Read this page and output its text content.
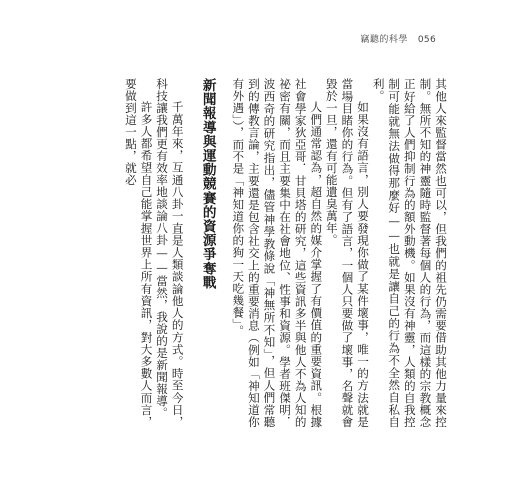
竊聽的科學 056

其他人來監督當然也可以，但我們的祖先仍需要借助其他力量來控制。無所不知的神靈隨時監督著每個人的行為，而這樣的宗教概念正好給了人們抑制行為的額外動機。如果沒有神靈，人類的自我控制可能就無法做得那麼好——也就是讓自己的行為不全然自私自利。

如果沒有語言，別人要發現你做了某件壞事，唯一的方法就是當場目睹你的行為。但有了語言，一個人只要做了壞事，名聲就會毀於一旦，還有可能遺臭萬年。

人們通常認為，超自然的媒介掌握了有價值的重要資訊。根據社會學家狄亞哥．甘貝塔的研究，這些資訊多半與他人不為人知的祕密有關，而且主要集中在社會地位、性事和資源。學者班傑明．波西奇的研究指出，儘管神學教條說「神無所不知」，但人們常聽到的傳教言論，主要還是包含社交上的重要消息（例如「神知道你有外遇」），而不是「神知道你的狗一天吃幾餐」。

新聞報導與運動競賽的資源爭奪戰

千萬年來，互通八卦一直是人類談論他人的方式。時至今日，科技讓我們更有效率地談論八卦——當然，我說的是新聞報導。

許多人都希望自己能掌握世界上所有資訊，對大多數人而言，要做到這一點，就必
